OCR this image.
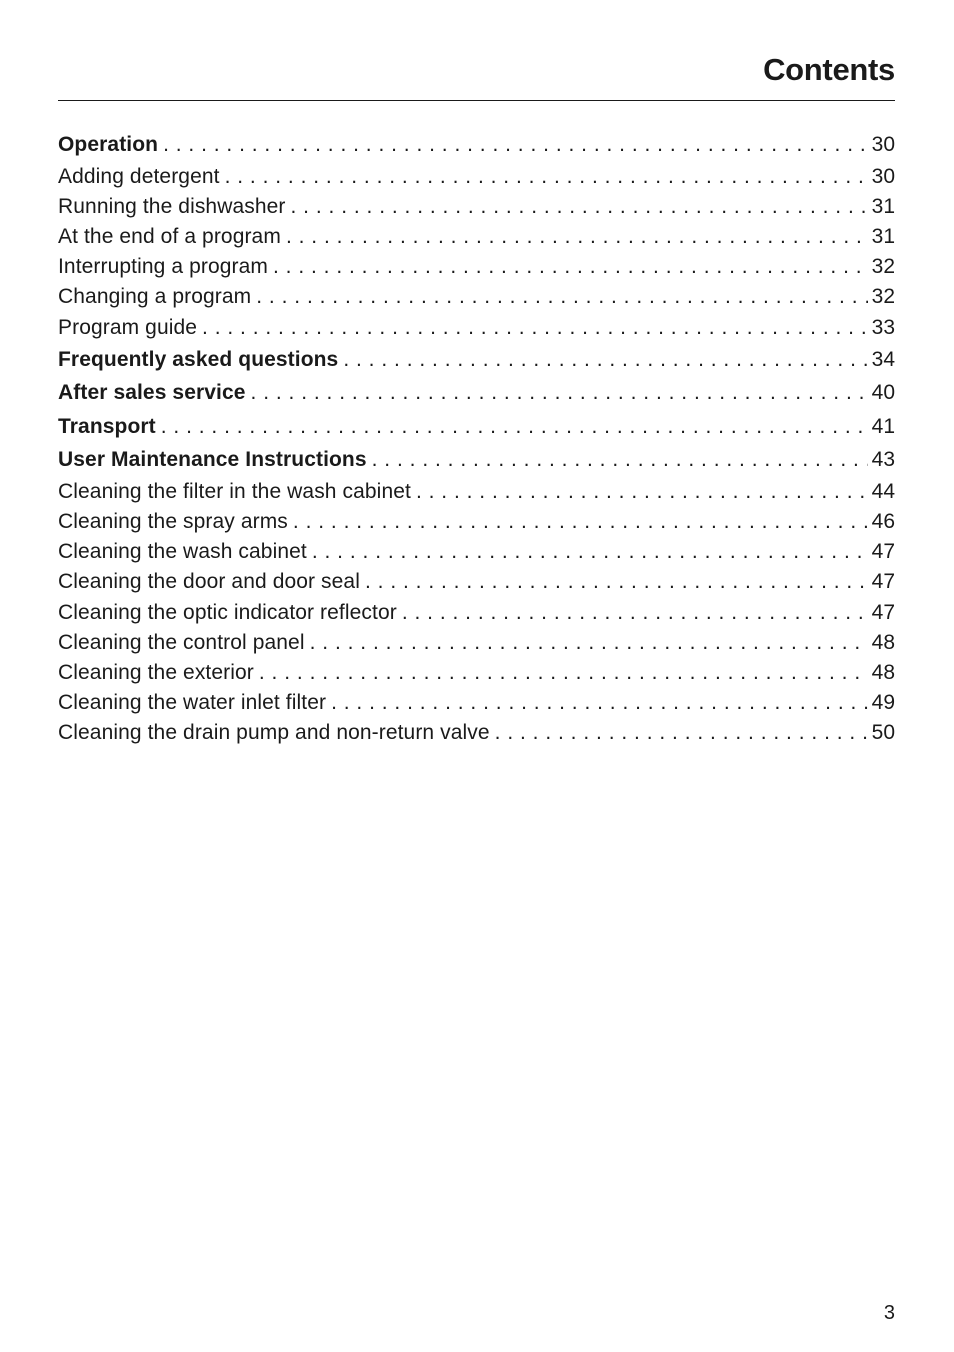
Contents
Operation . . .	30
Adding detergent . . .	30
Running the dishwasher . . .	31
At the end of a program . . .	31
Interrupting a program . . .	32
Changing a program . . .	32
Program guide . . .	33
Frequently asked questions . . .	34
After sales service . . .	40
Transport . . .	41
User Maintenance Instructions . . .	43
Cleaning the filter in the wash cabinet . . .	44
Cleaning the spray arms . . .	46
Cleaning the wash cabinet . . .	47
Cleaning the door and door seal . . .	47
Cleaning the optic indicator reflector . . .	47
Cleaning the control panel . . .	48
Cleaning the exterior . . .	48
Cleaning the water inlet filter . . .	49
Cleaning the drain pump and non-return valve . . .	50
3
